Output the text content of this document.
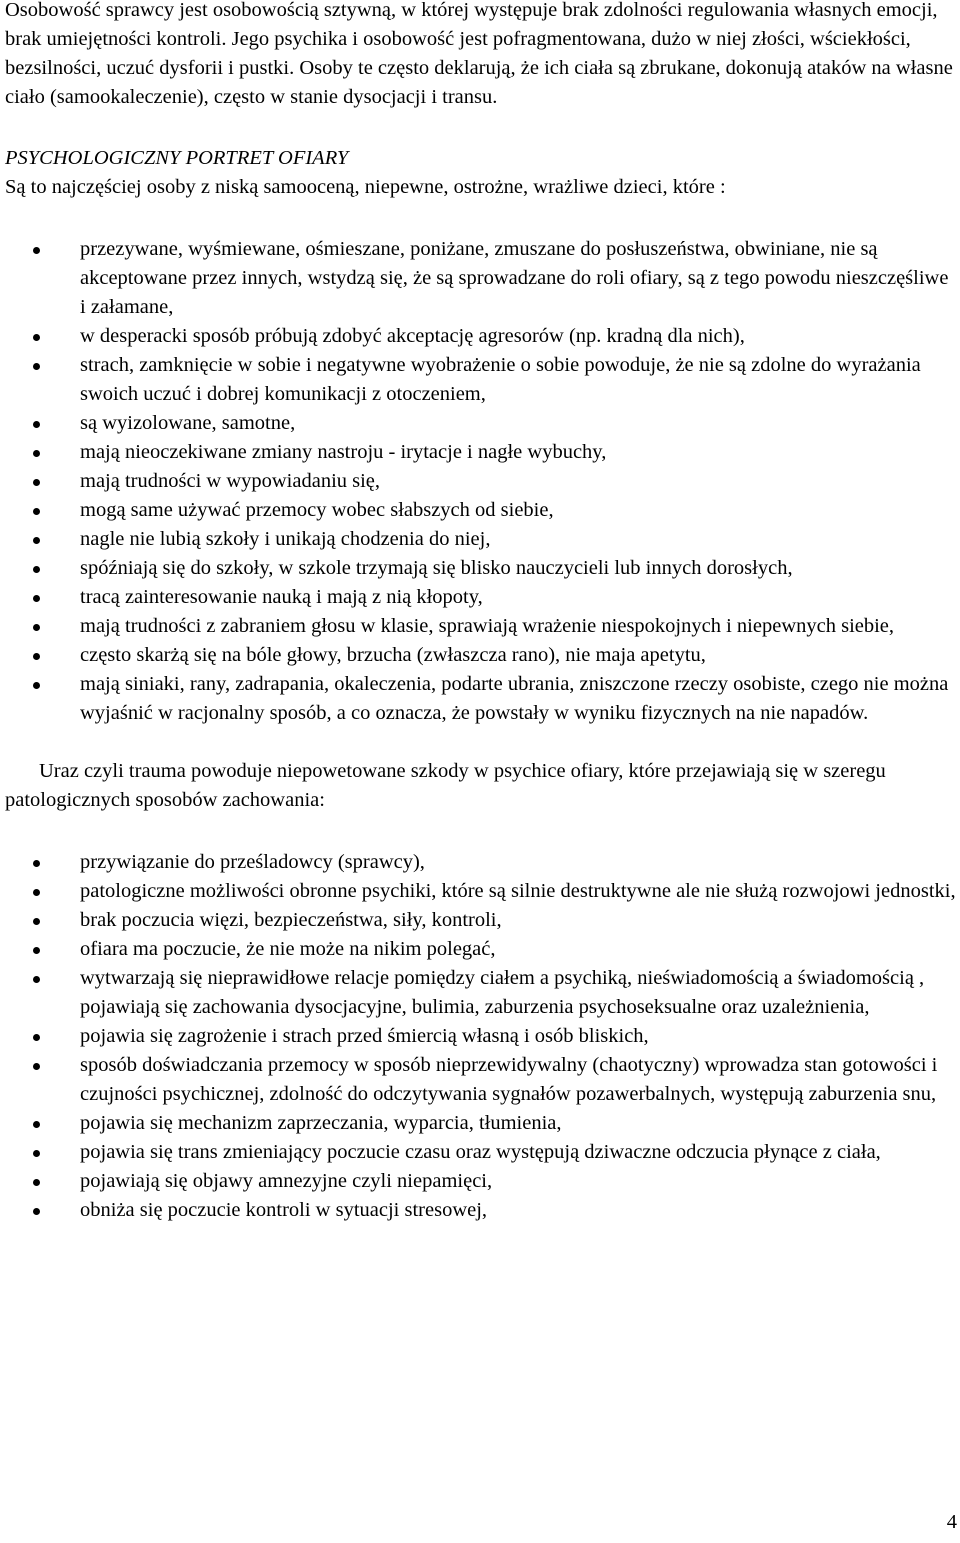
Osobowość sprawcy jest osobowością sztywną, w której występuje brak zdolności regulowania własnych emocji, brak umiejętności kontroli. Jego psychika i osobowość jest pofragmentowana, dużo w niej złości, wściekłości, bezsilności, uczuć dysforii i pustki. Osoby te często deklarują, że ich ciała są zbrukane, dokonują ataków na własne ciało (samookaleczenie), często w stanie dysocjacji i transu.

PSYCHOLOGICZNY PORTRET OFIARY

Są to najczęściej osoby z niską samooceną, niepewne, ostrożne, wrażliwe dzieci, które :

przezywane, wyśmiewane, ośmieszane, poniżane, zmuszane do posłuszeństwa, obwiniane, nie są akceptowane przez innych, wstydzą się, że są sprowadzane do roli ofiary, są z tego powodu nieszczęśliwe i załamane,
w desperacki sposób próbują zdobyć akceptację agresorów (np. kradną dla nich),
strach, zamknięcie w sobie i negatywne wyobrażenie o sobie powoduje, że nie są zdolne do wyrażania swoich uczuć i dobrej komunikacji z otoczeniem,
są wyizolowane, samotne,
mają nieoczekiwane zmiany nastroju - irytacje i nagłe wybuchy,
mają trudności w wypowiadaniu się,
mogą same używać przemocy wobec słabszych od siebie,
nagle nie lubią szkoły i unikają chodzenia do niej,
spóźniają się do szkoły, w szkole trzymają się blisko nauczycieli lub innych dorosłych,
tracą zainteresowanie nauką i mają z nią kłopoty,
mają trudności z zabraniem głosu w klasie, sprawiają wrażenie niespokojnych i niepewnych siebie,
często skarżą się na bóle głowy, brzucha (zwłaszcza rano), nie maja apetytu,
mają siniaki, rany, zadrapania, okaleczenia, podarte ubrania, zniszczone rzeczy osobiste, czego nie można wyjaśnić w racjonalny sposób, a co oznacza, że powstały w wyniku fizycznych na nie napadów.

Uraz czyli trauma powoduje niepowetowane szkody w psychice ofiary, które przejawiają się w szeregu patologicznych sposobów zachowania:

przywiązanie do prześladowcy (sprawcy),
patologiczne możliwości obronne psychiki, które są silnie destruktywne ale nie służą rozwojowi jednostki,
brak poczucia więzi, bezpieczeństwa, siły, kontroli,
ofiara ma poczucie, że nie może na nikim polegać,
wytwarzają się nieprawidłowe relacje pomiędzy ciałem a psychiką, nieświadomością a świadomością , pojawiają się zachowania dysocjacyjne, bulimia, zaburzenia psychoseksualne oraz uzależnienia,
pojawia się zagrożenie i strach przed śmiercią własną i osób bliskich,
sposób doświadczania przemocy w sposób nieprzewidywalny (chaotyczny) wprowadza stan gotowości i czujności psychicznej, zdolność do odczytywania sygnałów pozawerbalnych, występują zaburzenia snu,
pojawia się mechanizm zaprzeczania, wyparcia, tłumienia,
pojawia się trans zmieniający poczucie czasu oraz występują dziwaczne odczucia płynące z ciała,
pojawiają się objawy amnezyjne czyli niepamięci,
obniża się poczucie kontroli w sytuacji stresowej,
4
